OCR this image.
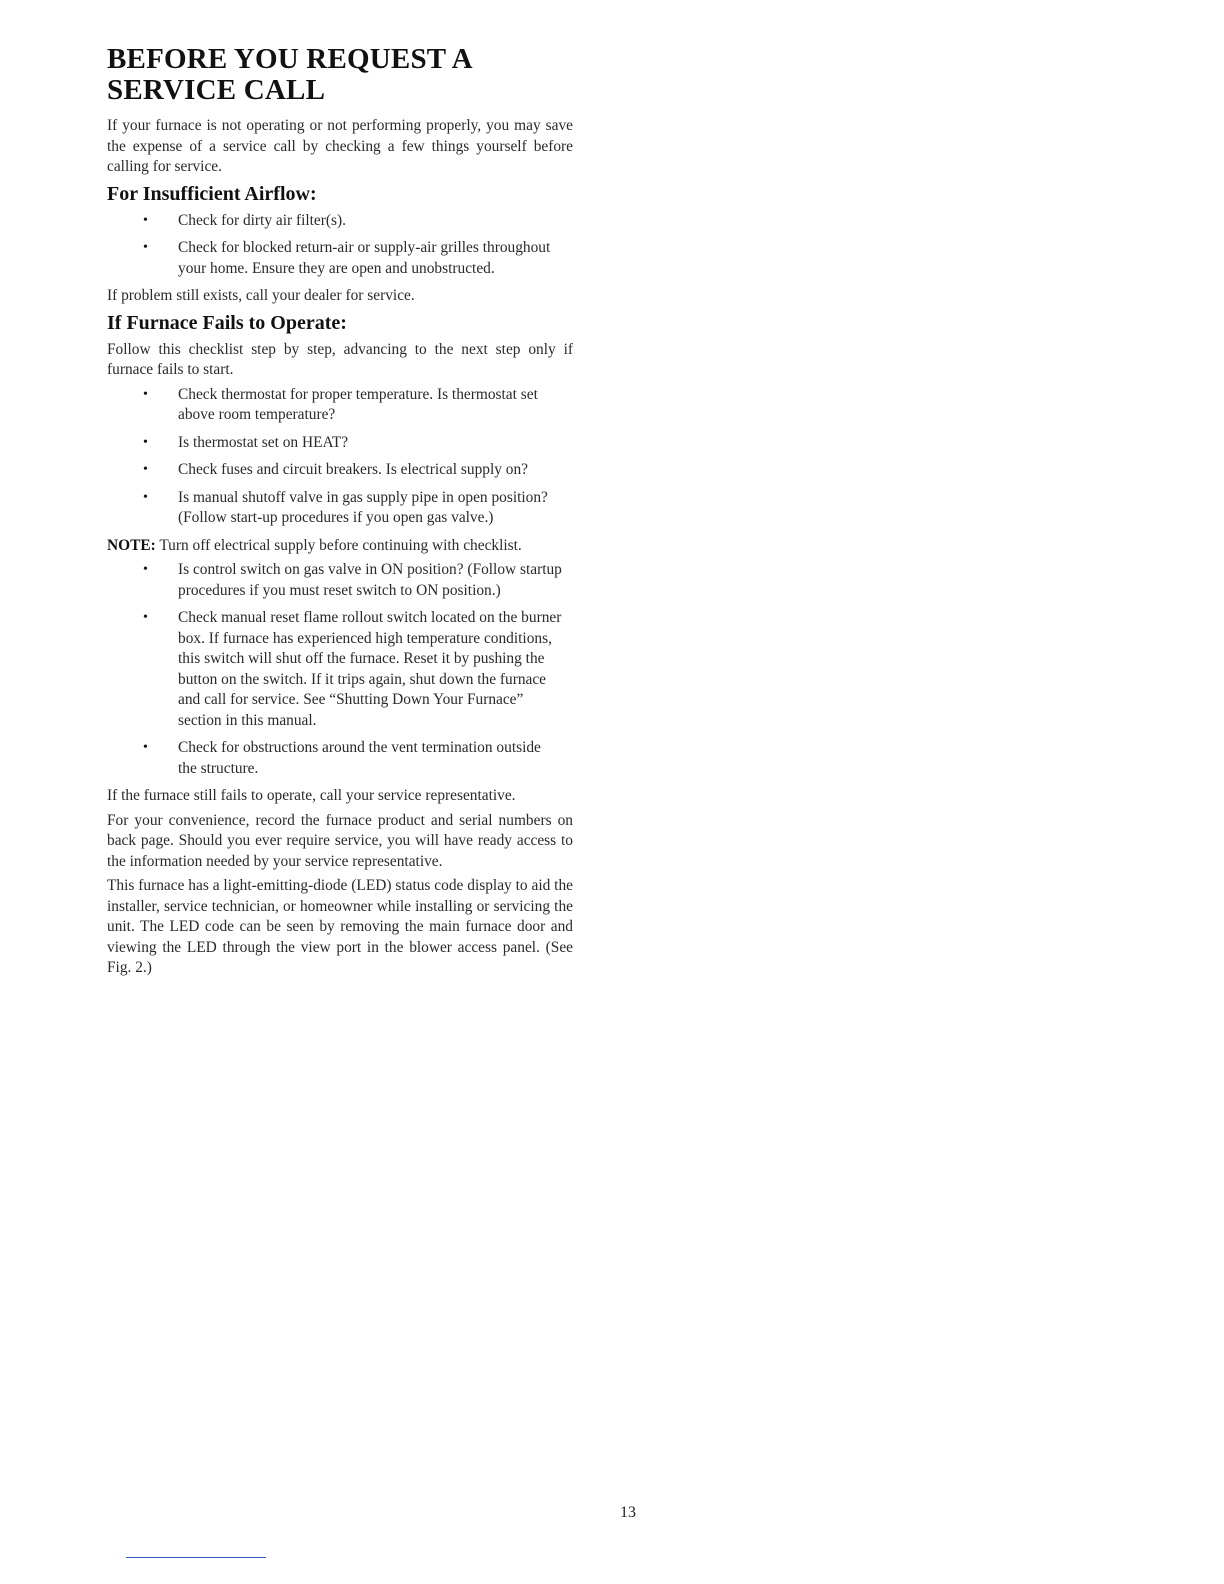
BEFORE YOU REQUEST A SERVICE CALL

If your furnace is not operating or not performing properly, you may save the expense of a service call by checking a few things yourself before calling for service.

For Insufficient Airflow:
• Check for dirty air filter(s).
• Check for blocked return-air or supply-air grilles throughout your home. Ensure they are open and unobstructed.

If problem still exists, call your dealer for service.

If Furnace Fails to Operate:

Follow this checklist step by step, advancing to the next step only if furnace fails to start.

• Check thermostat for proper temperature. Is thermostat set above room temperature?
• Is thermostat set on HEAT?
• Check fuses and circuit breakers. Is electrical supply on?
• Is manual shutoff valve in gas supply pipe in open position? (Follow start-up procedures if you open gas valve.)

NOTE: Turn off electrical supply before continuing with checklist.

• Is control switch on gas valve in ON position? (Follow startup procedures if you must reset switch to ON position.)
• Check manual reset flame rollout switch located on the burner box. If furnace has experienced high temperature conditions, this switch will shut off the furnace. Reset it by pushing the button on the switch. If it trips again, shut down the furnace and call for service. See “Shutting Down Your Furnace” section in this manual.
• Check for obstructions around the vent termination outside the structure.

If the furnace still fails to operate, call your service representative.

For your convenience, record the furnace product and serial numbers on back page. Should you ever require service, you will have ready access to the information needed by your service representative.

This furnace has a light-emitting-diode (LED) status code display to aid the installer, service technician, or homeowner while installing or servicing the unit. The LED code can be seen by removing the main furnace door and viewing the LED through the view port in the blower access panel. (See Fig. 2.)

13
